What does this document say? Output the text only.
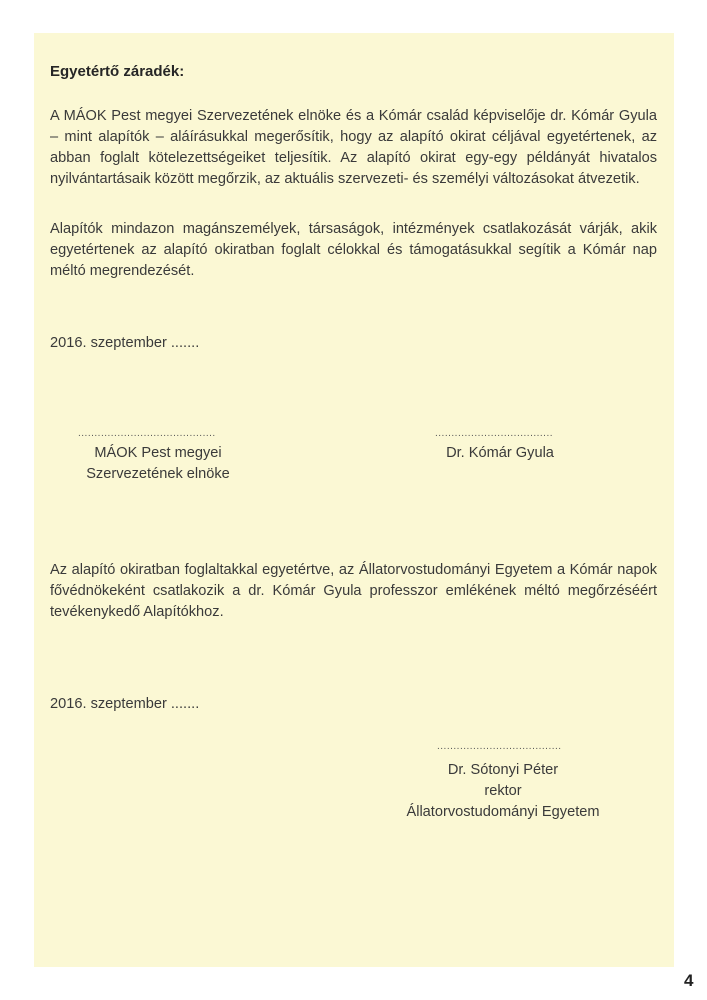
Egyetértő záradék:
A MÁOK Pest megyei Szervezetének elnöke és a Kómár család képviselője dr. Kómár Gyula – mint alapítók – aláírásukkal megerősítik, hogy az alapító okirat céljával egyetértenek, az abban foglalt kötelezettségeiket teljesítik. Az alapító okirat egy-egy példányát hivatalos nyilvántartásaik között megőrzik, az aktuális szervezeti- és személyi változásokat átvezetik.
Alapítók mindazon magánszemélyek, társaságok, intézmények csatlakozását várják, akik egyetértenek az alapító okiratban foglalt célokkal és támogatásukkal segítik a Kómár nap méltó megrendezését.
2016. szeptember .......
..........................................
MÁOK Pest megyei
Szervezetének elnöke
....................................
Dr. Kómár Gyula
Az alapító okiratban foglaltakkal egyetértve, az Állatorvostudományi Egyetem a Kómár napok fővédnökeként csatlakozik a dr. Kómár Gyula professzor emlékének méltó megőrzéséért tevékenykedő Alapítókhoz.
2016. szeptember .......
......................................
Dr. Sótonyi Péter
rektor
Állatorvostudományi Egyetem
4
